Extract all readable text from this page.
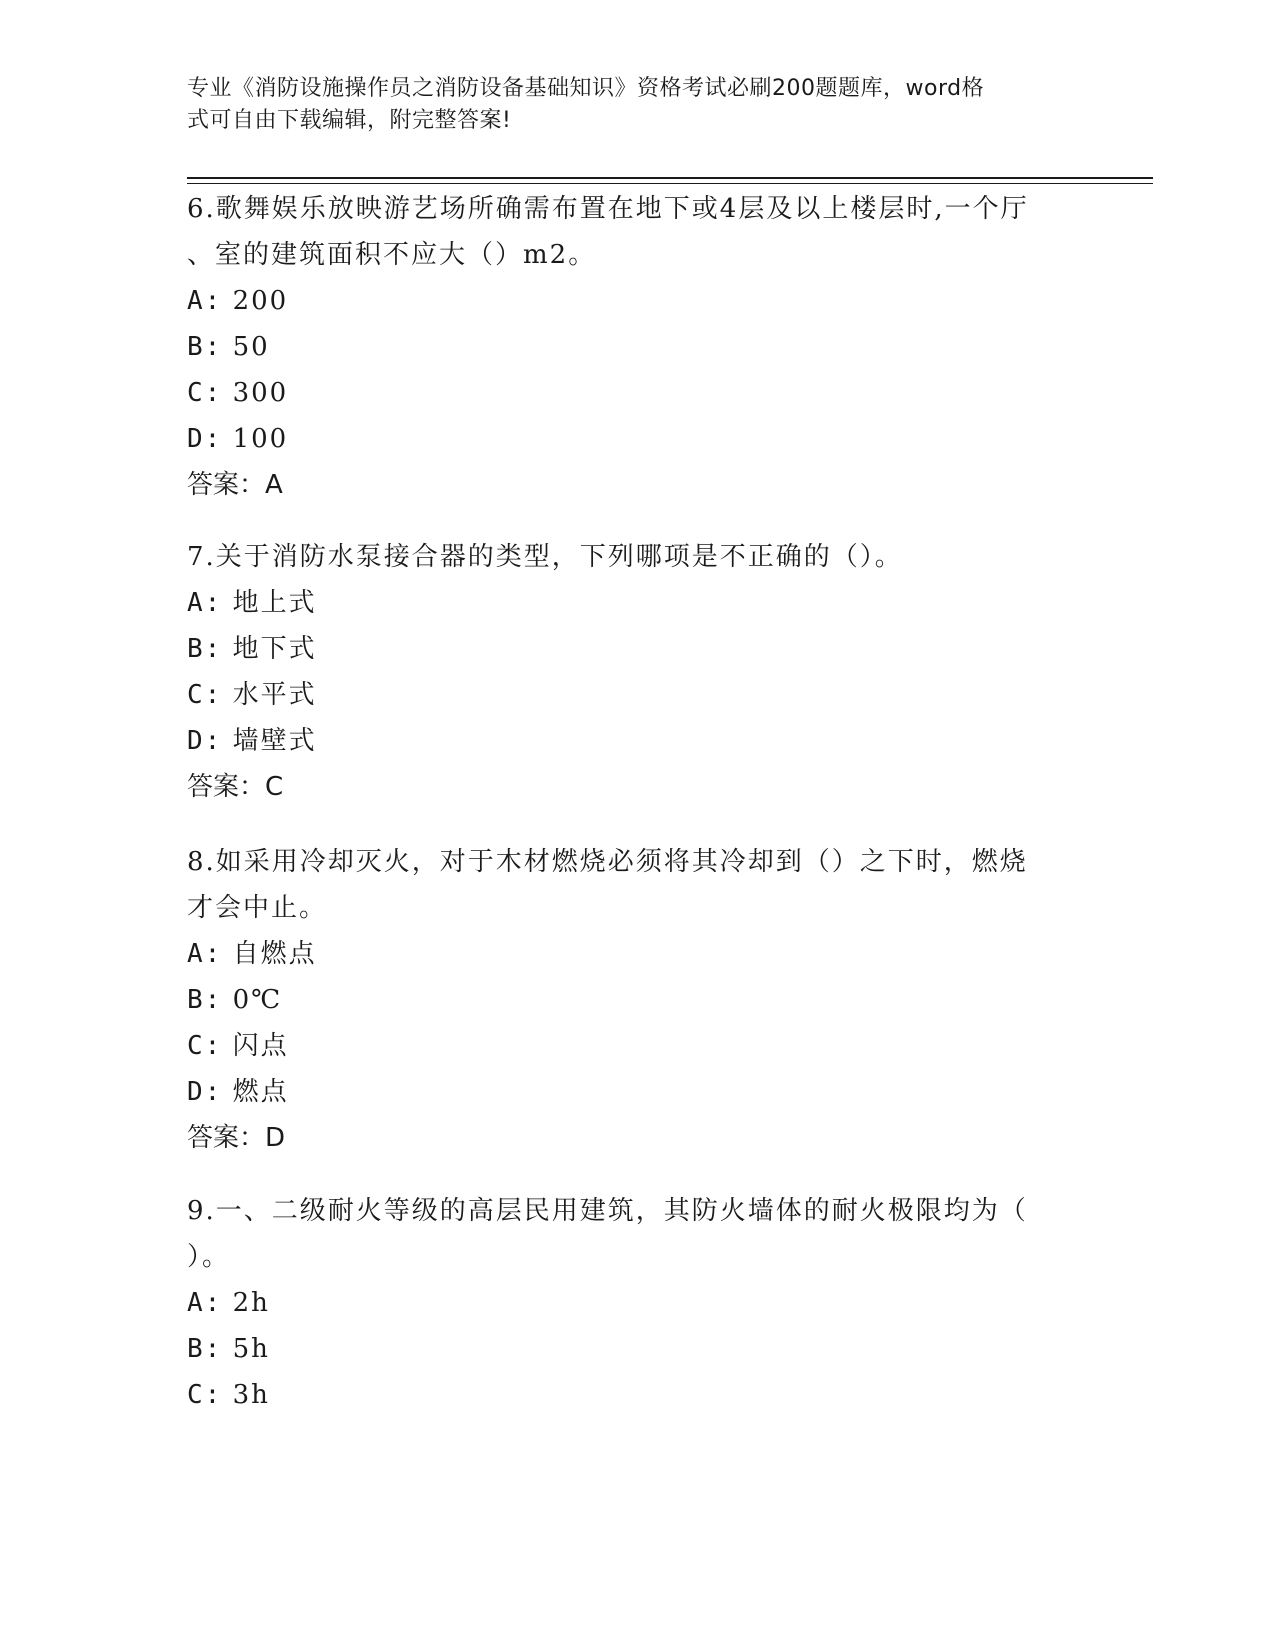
专业《消防设施操作员之消防设备基础知识》资格考试必刷200题题库，word格
式可自由下载编辑，附完整答案!

6.歌舞娱乐放映游艺场所确需布置在地下或4层及以上楼层时,一个厅

、室的建筑面积不应大（）m2。

A: 200

B: 50

C: 300

D: 100

答案：A

7.关于消防水泵接合器的类型，下列哪项是不正确的（）。

A: 地上式

B: 地下式

C: 水平式

D: 墙壁式

答案：C

8.如采用冷却灭火，对于木材燃烧必须将其冷却到（）之下时，燃烧

才会中止。

A: 自燃点

B: 0℃

C: 闪点

D: 燃点

答案：D

9.一、二级耐火等级的高层民用建筑，其防火墙体的耐火极限均为（

）。

A: 2h

B: 5h

C: 3h
